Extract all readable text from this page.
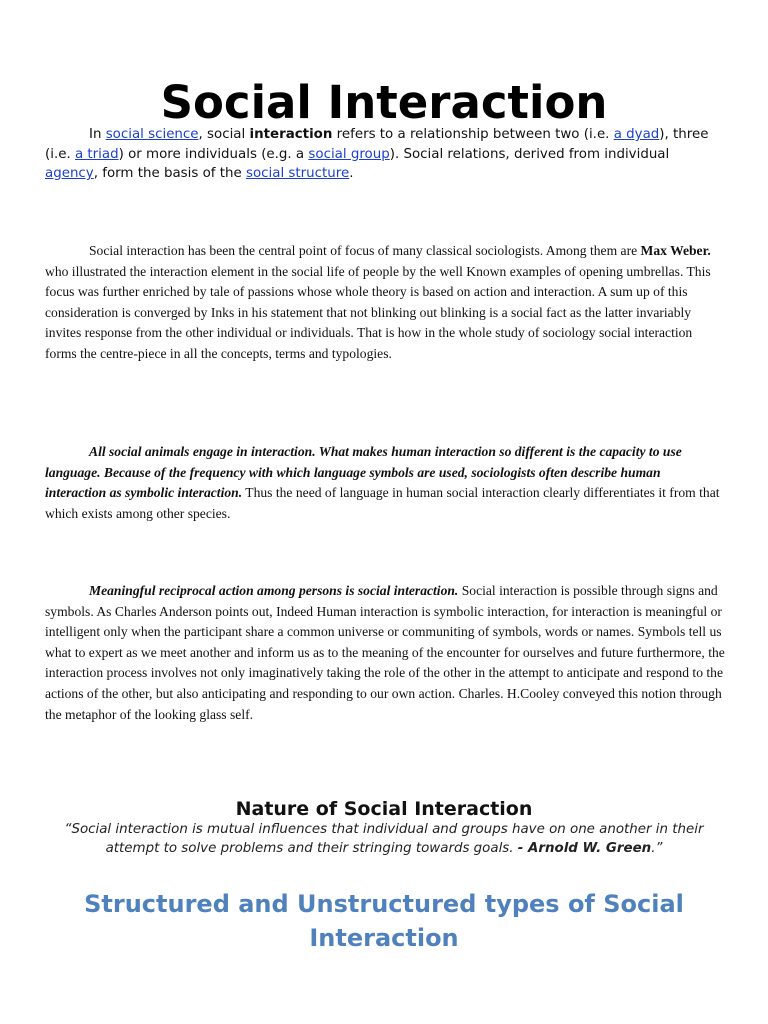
Social Interaction

In social science, social interaction refers to a relationship between two (i.e. a dyad), three (i.e. a triad) or more individuals (e.g. a social group). Social relations, derived from individual agency, form the basis of the social structure.

Social interaction has been the central point of focus of many classical sociologists. Among them are Max Weber. who illustrated the interaction element in the social life of people by the well Known examples of opening umbrellas. This focus was further enriched by tale of passions whose whole theory is based on action and interaction. A sum up of this consideration is converged by Inks in his statement that not blinking out blinking is a social fact as the latter invariably invites response from the other individual or individuals. That is how in the whole study of sociology social interaction forms the centre-piece in all the concepts, terms and typologies.

All social animals engage in interaction. What makes human interaction so different is the capacity to use language. Because of the frequency with which language symbols are used, sociologists often describe human interaction as symbolic interaction. Thus the need of language in human social interaction clearly differentiates it from that which exists among other species.

Meaningful reciprocal action among persons is social interaction. Social interaction is possible through signs and symbols. As Charles Anderson points out, Indeed Human interaction is symbolic interaction, for interaction is meaningful or intelligent only when the participant share a common universe or communiting of symbols, words or names. Symbols tell us what to expert as we meet another and inform us as to the meaning of the encounter for ourselves and future furthermore, the interaction process involves not only imaginatively taking the role of the other in the attempt to anticipate and respond to the actions of the other, but also anticipating and responding to our own action. Charles. H.Cooley conveyed this notion through the metaphor of the looking glass self.

Nature of Social Interaction

“Social interaction is mutual influences that individual and groups have on one another in their attempt to solve problems and their stringing towards goals. - Arnold W. Green.”

Structured and Unstructured types of Social Interaction
